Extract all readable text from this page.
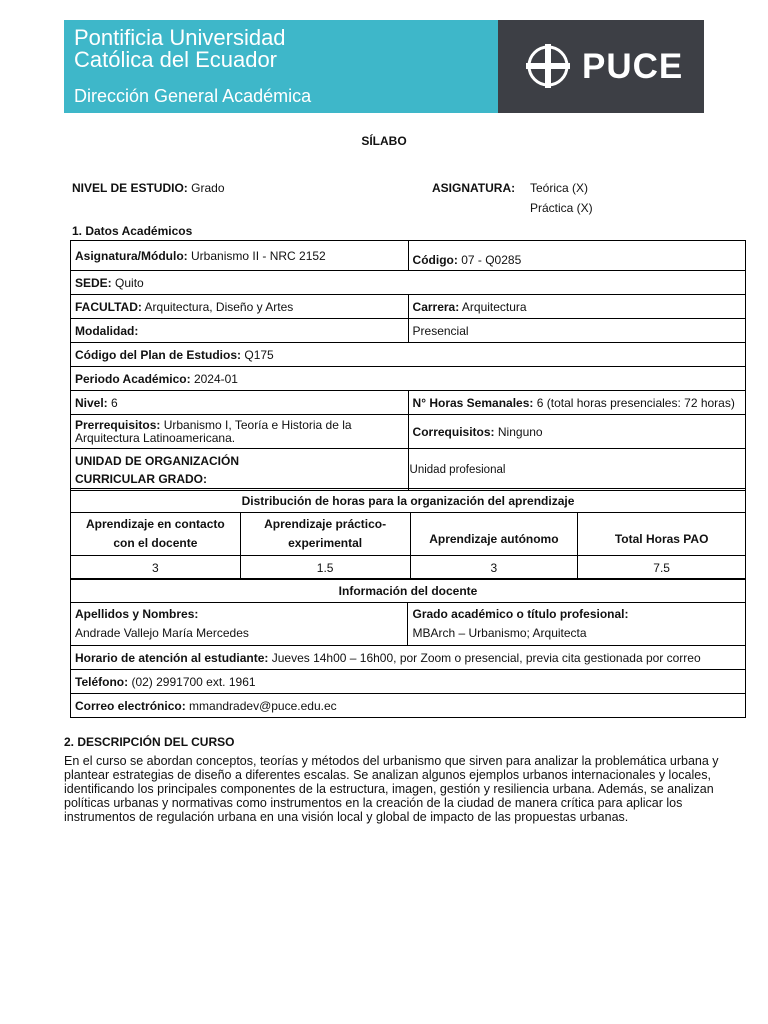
Pontificia Universidad
Católica del Ecuador
Dirección General Académica
PUCE
SÍLABO
NIVEL DE ESTUDIO: Grado	ASIGNATURA: Teórica (X)
Práctica (X)
1. Datos Académicos
Asignatura/Módulo: Urbanismo II - NRC 2152	Código: 07 - Q0285
SEDE: Quito	
FACULTAD: Arquitectura, Diseño y Artes	Carrera: Arquitectura
Modalidad:	Presencial
Código del Plan de Estudios: Q175	
Periodo Académico: 2024-01	
Nivel: 6	N° Horas Semanales: 6 (total horas presenciales: 72 horas)
Prerrequisitos: Urbanismo I, Teoría e Historia de la Arquitectura Latinoamericana.	Correquisitos: Ninguno

UNIDAD DE ORGANIZACIÓN
CURRICULAR GRADO:	Unidad profesional
Distribución de horas para la organización del aprendizaje			
Aprendizaje en contacto con el docente	Aprendizaje práctico-experimental	Aprendizaje autónomo	Total Horas PAO
3	1.5	3	7.5
Información del docente

Apellidos y Nombres:
Andrade Vallejo María Mercedes

Grado académico o título profesional:
MBArch – Urbanismo; Arquitecta

Horario de atención al estudiante: Jueves 14h00 – 16h00, por Zoom o presencial, previa cita gestionada por correo
Teléfono: (02) 2991700 ext. 1961
Correo electrónico: mmandradev@puce.edu.ec
2. DESCRIPCIÓN DEL CURSO
En el curso se abordan conceptos, teorías y métodos del urbanismo que sirven para analizar la problemática urbana y plantear estrategias de diseño a diferentes escalas. Se analizan algunos ejemplos urbanos internacionales y locales, identificando los principales componentes de la estructura, imagen, gestión y resiliencia urbana. Además, se analizan políticas urbanas y normativas como instrumentos en la creación de la ciudad de manera crítica para aplicar los instrumentos de regulación urbana en una visión local y global de impacto de las propuestas urbanas.
